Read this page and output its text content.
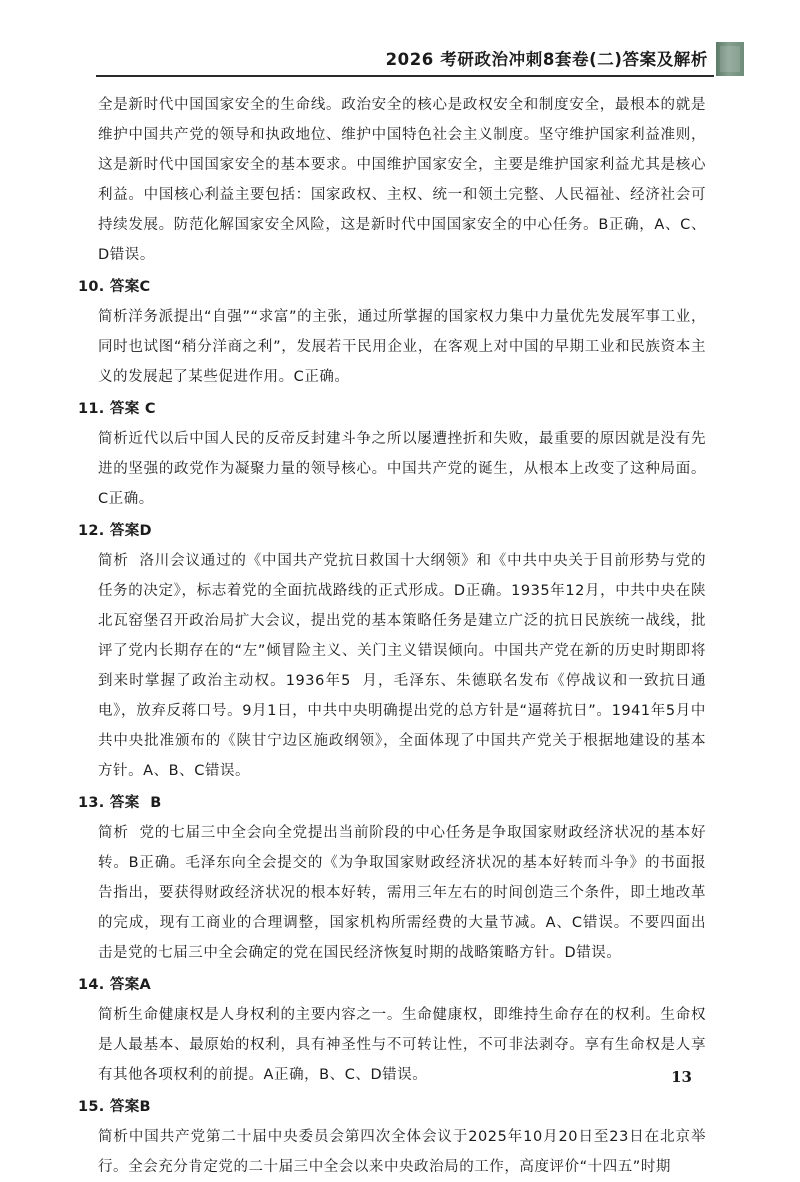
2026 考研政治冲刺8套卷(二)答案及解析

全是新时代中国国家安全的生命线。政治安全的核心是政权安全和制度安全，最根本的就是维护中国共产党的领导和执政地位、维护中国特色社会主义制度。坚守维护国家利益准则，这是新时代中国国家安全的基本要求。中国维护国家安全，主要是维护国家利益尤其是核心利益。中国核心利益主要包括：国家政权、主权、统一和领土完整、人民福祉、经济社会可持续发展。防范化解国家安全风险，这是新时代中国国家安全的中心任务。B正确，A、C、D错误。

10. 答案C

简析洋务派提出“自强”“求富”的主张，通过所掌握的国家权力集中力量优先发展军事工业，同时也试图“稍分洋商之利”，发展若干民用企业，在客观上对中国的早期工业和民族资本主义的发展起了某些促进作用。C正确。

11. 答案 C

简析近代以后中国人民的反帝反封建斗争之所以屡遭挫折和失败，最重要的原因就是没有先进的坚强的政党作为凝聚力量的领导核心。中国共产党的诞生，从根本上改变了这种局面。C正确。

12. 答案D

简析  洛川会议通过的《中国共产党抗日救国十大纲领》和《中共中央关于目前形势与党的任务的决定》，标志着党的全面抗战路线的正式形成。D正确。1935年12月，中共中央在陕北瓦窑堡召开政治局扩大会议，提出党的基本策略任务是建立广泛的抗日民族统一战线，批评了党内长期存在的“左”倾冒险主义、关门主义错误倾向。中国共产党在新的历史时期即将到来时掌握了政治主动权。1936年5  月，毛泽东、朱德联名发布《停战议和一致抗日通电》，放弃反蒋口号。9月1日，中共中央明确提出党的总方针是“逼蒋抗日”。1941年5月中共中央批准颁布的《陕甘宁边区施政纲领》，全面体现了中国共产党关于根据地建设的基本方针。A、B、C错误。

13. 答案  B

简析  党的七届三中全会向全党提出当前阶段的中心任务是争取国家财政经济状况的基本好转。B正确。毛泽东向全会提交的《为争取国家财政经济状况的基本好转而斗争》的书面报告指出，要获得财政经济状况的根本好转，需用三年左右的时间创造三个条件，即土地改革的完成，现有工商业的合理调整，国家机构所需经费的大量节减。A、C错误。不要四面出击是党的七届三中全会确定的党在国民经济恢复时期的战略策略方针。D错误。

14. 答案A

简析生命健康权是人身权利的主要内容之一。生命健康权，即维持生命存在的权利。生命权是人最基本、最原始的权利，具有神圣性与不可转让性，不可非法剥夺。享有生命权是人享有其他各项权利的前提。A正确，B、C、D错误。

15. 答案B

简析中国共产党第二十届中央委员会第四次全体会议于2025年10月20日至23日在北京举行。全会充分肯定党的二十届三中全会以来中央政治局的工作，高度评价“十四五”时期

13
